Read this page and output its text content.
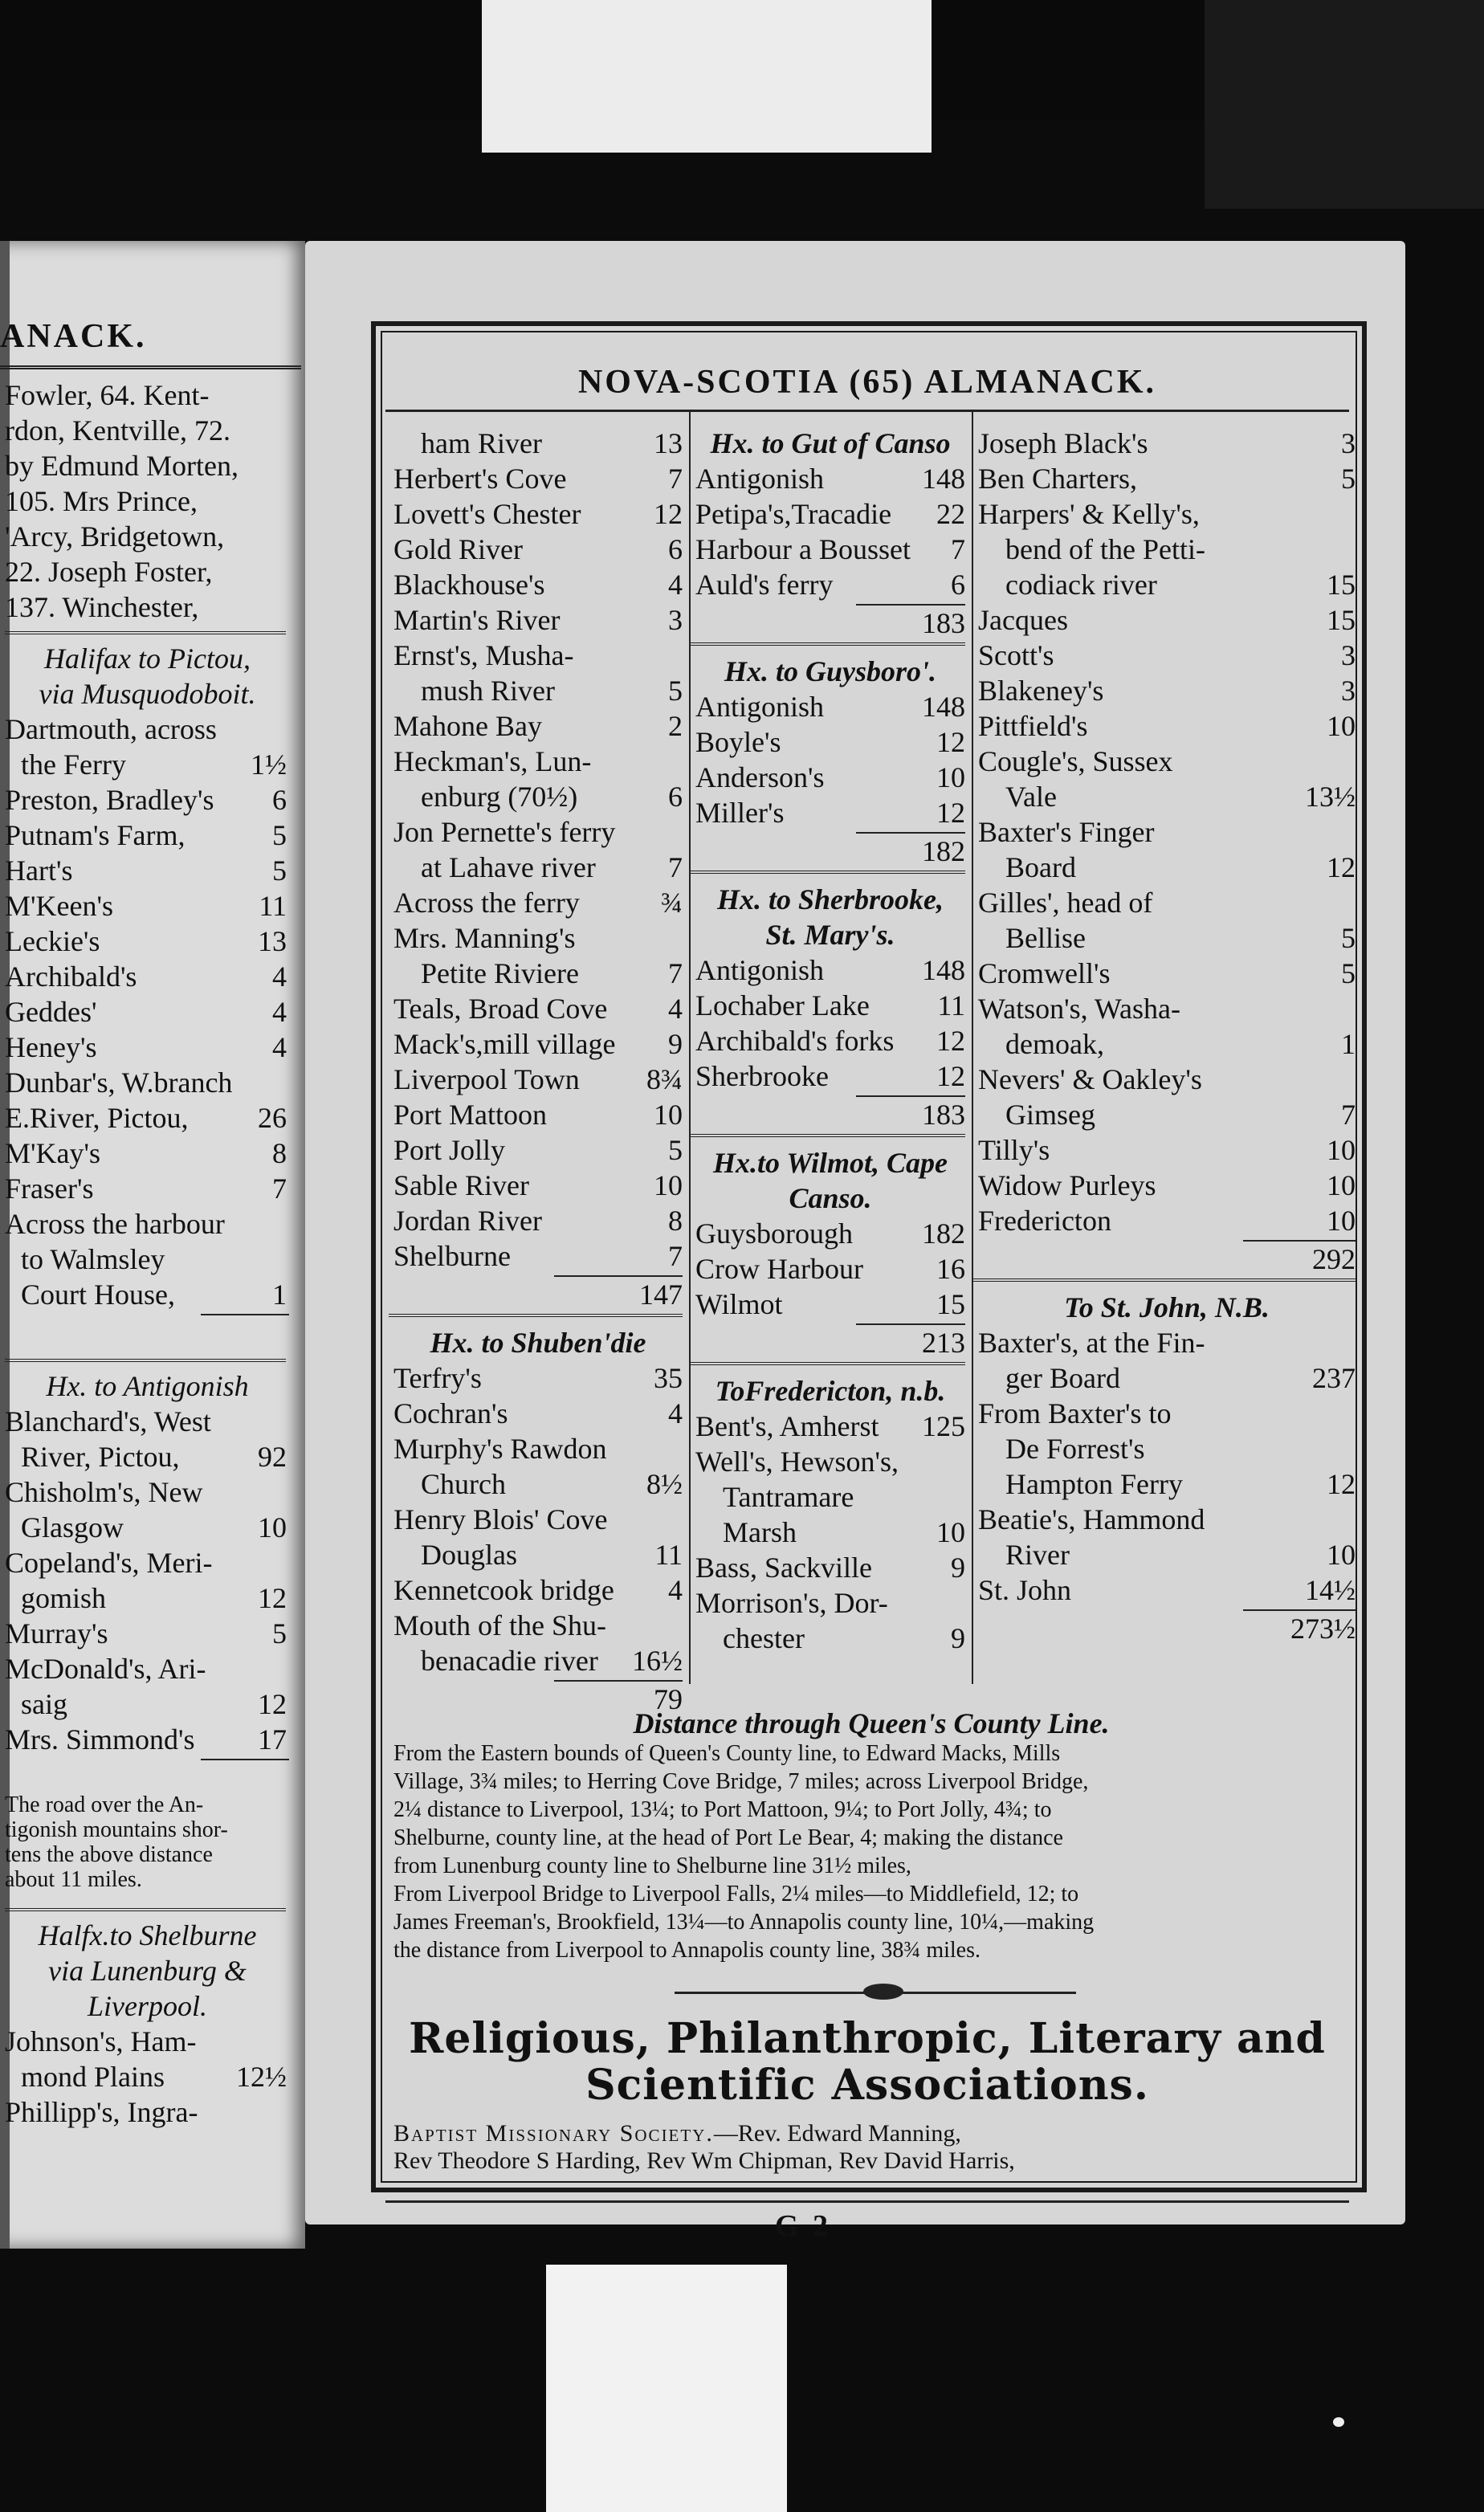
ANACK.
Fowler, 64. Kent-
rdon, Kentville, 72.
by Edmund Morten,
105. Mrs Prince,
'Arcy, Bridgetown,
22. Joseph Foster,
137. Winchester,
Halifax to Pictou,
via Musquodoboit.
Dartmouth, across
the Ferry	1½
Preston, Bradley's 6
Putnam's Farm,	5
Hart's	5
M'Keen's	11
Leckie's	13
Archibald's	4
Geddes'	4
Heney's	4
Dunbar's, W.branch
E.River, Pictou, 26
M'Kay's	8
Fraser's	7
Across the harbour
to Walmsley
Court House,	1
Hx. to Antigonish
Blanchard's, West
River, Pictou,	92
Chisholm's, New
Glasgow	10
Copeland's, Meri-
gomish	12
Murray's	5
McDonald's, Ari-
saig	12
Mrs. Simmond's 17
The road over the An-
tigonish mountains shor-
tens the above distance
about 11 miles.
Halfx.to Shelburne
via Lunenburg &
Liverpool.
Johnson's, Ham-
mond Plains 12½
Phillipp's, Ingra-
NOVA-SCOTIA (65) ALMANACK.
ham River	13
Herbert's Cove	7
Lovett's Chester	12
Gold River	6
Blackhouse's	4
Martin's River	3
Ernst's, Musha-
mush River	5
Mahone Bay	2
Heckman's, Lun-
enburg (70½)	6
Jon Pernette's ferry
at Lahave river	7
Across the ferry	¾
Mrs. Manning's
Petite Riviere	7
Teals, Broad Cove 4
Mack's,mill village 9
Liverpool Town 8¾
Port Mattoon	10
Port Jolly	5
Sable River	10
Jordan River	8
Shelburne	7
147
Hx. to Shuben'die
Terfry's	35
Cochran's	4
Murphy's Rawdon
Church	8½
Henry Blois' Cove
Douglas	11
Kennetcook bridge 4
Mouth of the Shu-
benacadie river 16½
79
Hx. to Gut of Canso
Antigonish	148
Petipa's,Tracadie 22
Harbour a Bousset 7
Auld's ferry	6
183
Hx. to Guysboro'.
Antigonish	148
Boyle's	12
Anderson's	10
Miller's	12
182
Hx. to Sherbrooke,
St. Mary's.
Antigonish	148
Lochaber Lake 11
Archibald's forks 12
Sherbrooke	12
183
Hx.to Wilmot, Cape
Canso.
Guysborough 182
Crow Harbour	16
Wilmot	15
213
ToFredericton, n.b.
Bent's, Amherst 125
Well's, Hewson's,
Tantramare
Marsh	10
Bass, Sackville	9
Morrison's, Dor-
chester	9
Joseph Black's	3
Ben Charters,	5
Harpers' & Kelly's,
bend of the Petti-
codiack river	15
Jacques	15
Scott's	3
Blakeney's	3
Pittfield's	10
Cougle's, Sussex
Vale	13½
Baxter's Finger
Board	12
Gilles', head of
Bellise	5
Cromwell's	5
Watson's, Washa-
demoak,	1
Nevers' & Oakley's
Gimseg	7
Tilly's	10
Widow Purleys	10
Fredericton	10
292
To St. John, N.B.
Baxter's, at the Fin-
ger Board	237
From Baxter's to
De Forrest's
Hampton Ferry	12
Beatie's, Hammond
River	10
St. John	14½
273½
Distance through Queen's County Line.
From the Eastern bounds of Queen's County line, to Edward Macks, Mills
Village, 3¾ miles; to Herring Cove Bridge, 7 miles; across Liverpool Bridge,
2¼ distance to Liverpool, 13¼; to Port Mattoon, 9¼; to Port Jolly, 4¾; to
Shelburne, county line, at the head of Port Le Bear, 4; making the distance
from Lunenburg county line to Shelburne line 31½ miles,
From Liverpool Bridge to Liverpool Falls, 2¼ miles—to Middlefield, 12; to
James Freeman's, Brookfield, 13¼—to Annapolis county line, 10¼,—making
the distance from Liverpool to Annapolis county line, 38¾ miles.
Religious, Philanthropic, Literary and
Scientific Associations.
Baptist Missionary Society.—Rev. Edward Manning,
Rev Theodore S Harding, Rev Wm Chipman, Rev David Harris,
G 2
